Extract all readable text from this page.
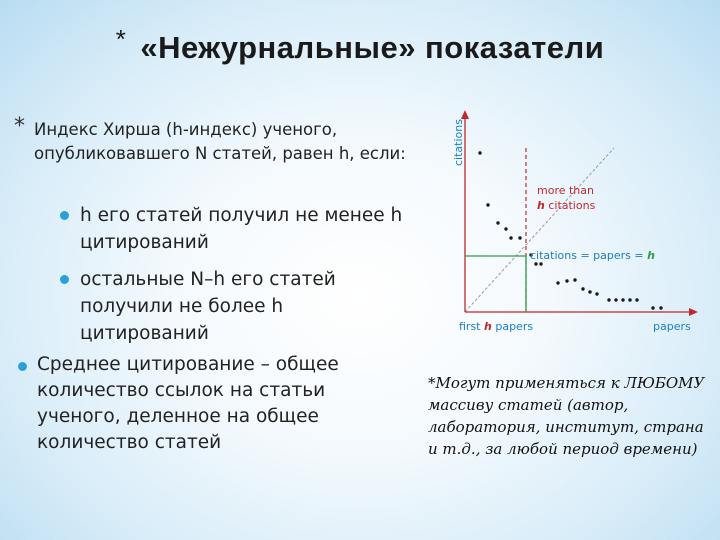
* «Нежурнальные» показатели
* Индекс Хирша (h-индекс) ученого, опубликовавшего N статей, равен h, если:
h его статей получил не менее h цитирований
остальные N–h его статей получили не более h цитирований
Среднее цитирование – общее количество ссылок на статьи ученого, деленное на общее количество статей
citations
papers
first h papers
more than h citations
citations = papers = h
*Могут применяться к ЛЮБОМУ массиву статей (автор, лаборатория, институт, страна и т.д., за любой период времени)
